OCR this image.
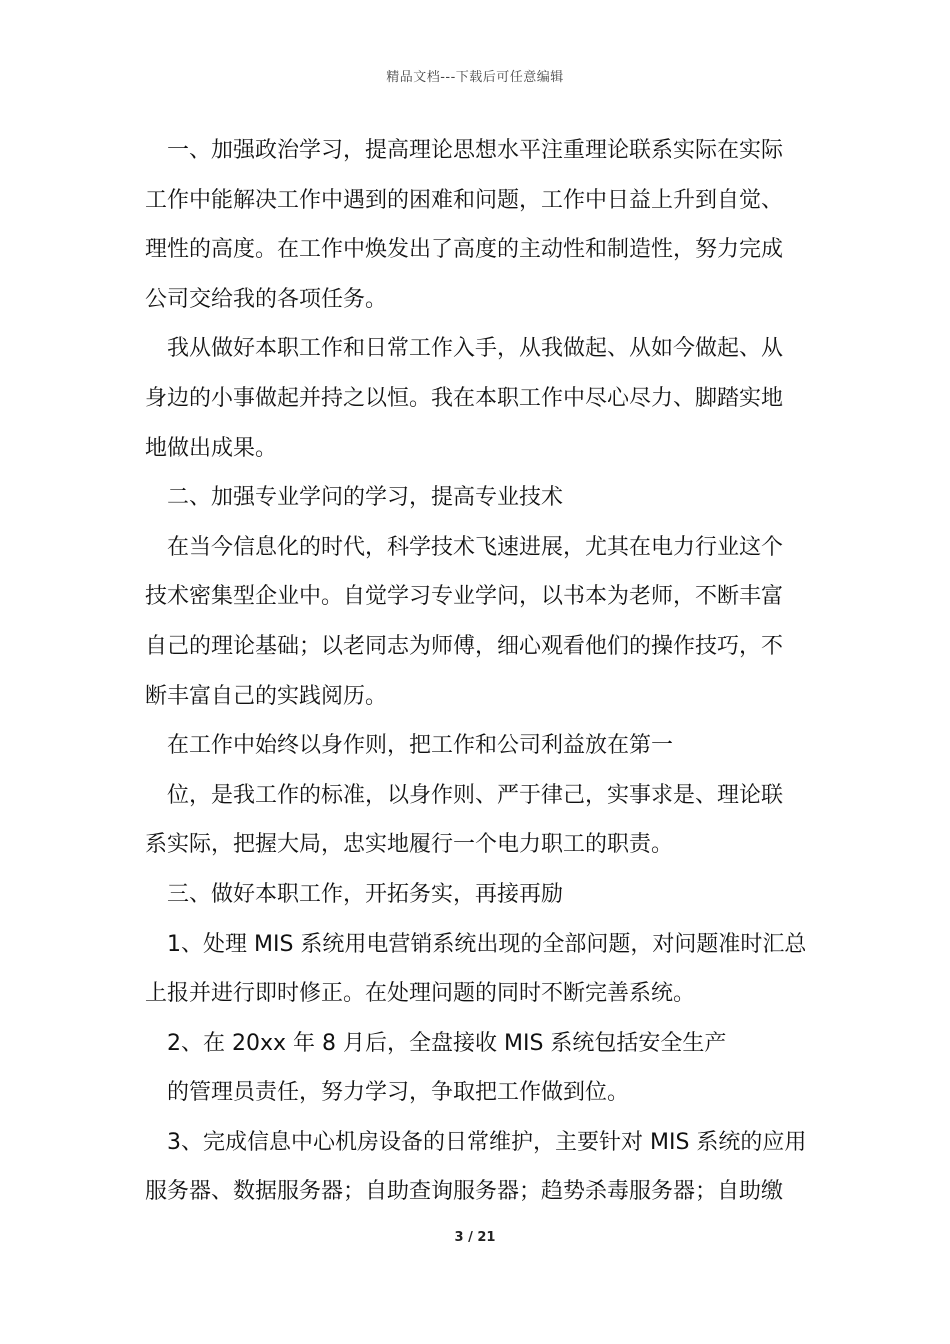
精品文档---下载后可任意编辑
一、加强政治学习，提高理论思想水平注重理论联系实际在实际
工作中能解决工作中遇到的困难和问题，工作中日益上升到自觉、
理性的高度。在工作中焕发出了高度的主动性和制造性，努力完成
公司交给我的各项任务。
我从做好本职工作和日常工作入手，从我做起、从如今做起、从
身边的小事做起并持之以恒。我在本职工作中尽心尽力、脚踏实地
地做出成果。
二、加强专业学问的学习，提高专业技术
在当今信息化的时代，科学技术飞速进展，尤其在电力行业这个
技术密集型企业中。自觉学习专业学问，以书本为老师，不断丰富
自己的理论基础；以老同志为师傅，细心观看他们的操作技巧，不
断丰富自己的实践阅历。
在工作中始终以身作则，把工作和公司利益放在第一
位，是我工作的标准，以身作则、严于律己，实事求是、理论联
系实际，把握大局，忠实地履行一个电力职工的职责。
三、做好本职工作，开拓务实，再接再励
1、处理 MIS 系统用电营销系统出现的全部问题，对问题准时汇总
上报并进行即时修正。在处理问题的同时不断完善系统。
2、在 20xx 年 8 月后，全盘接收 MIS 系统包括安全生产
的管理员责任，努力学习，争取把工作做到位。
3、完成信息中心机房设备的日常维护，主要针对 MIS 系统的应用
服务器、数据服务器；自助查询服务器；趋势杀毒服务器；自助缴
3 / 21
